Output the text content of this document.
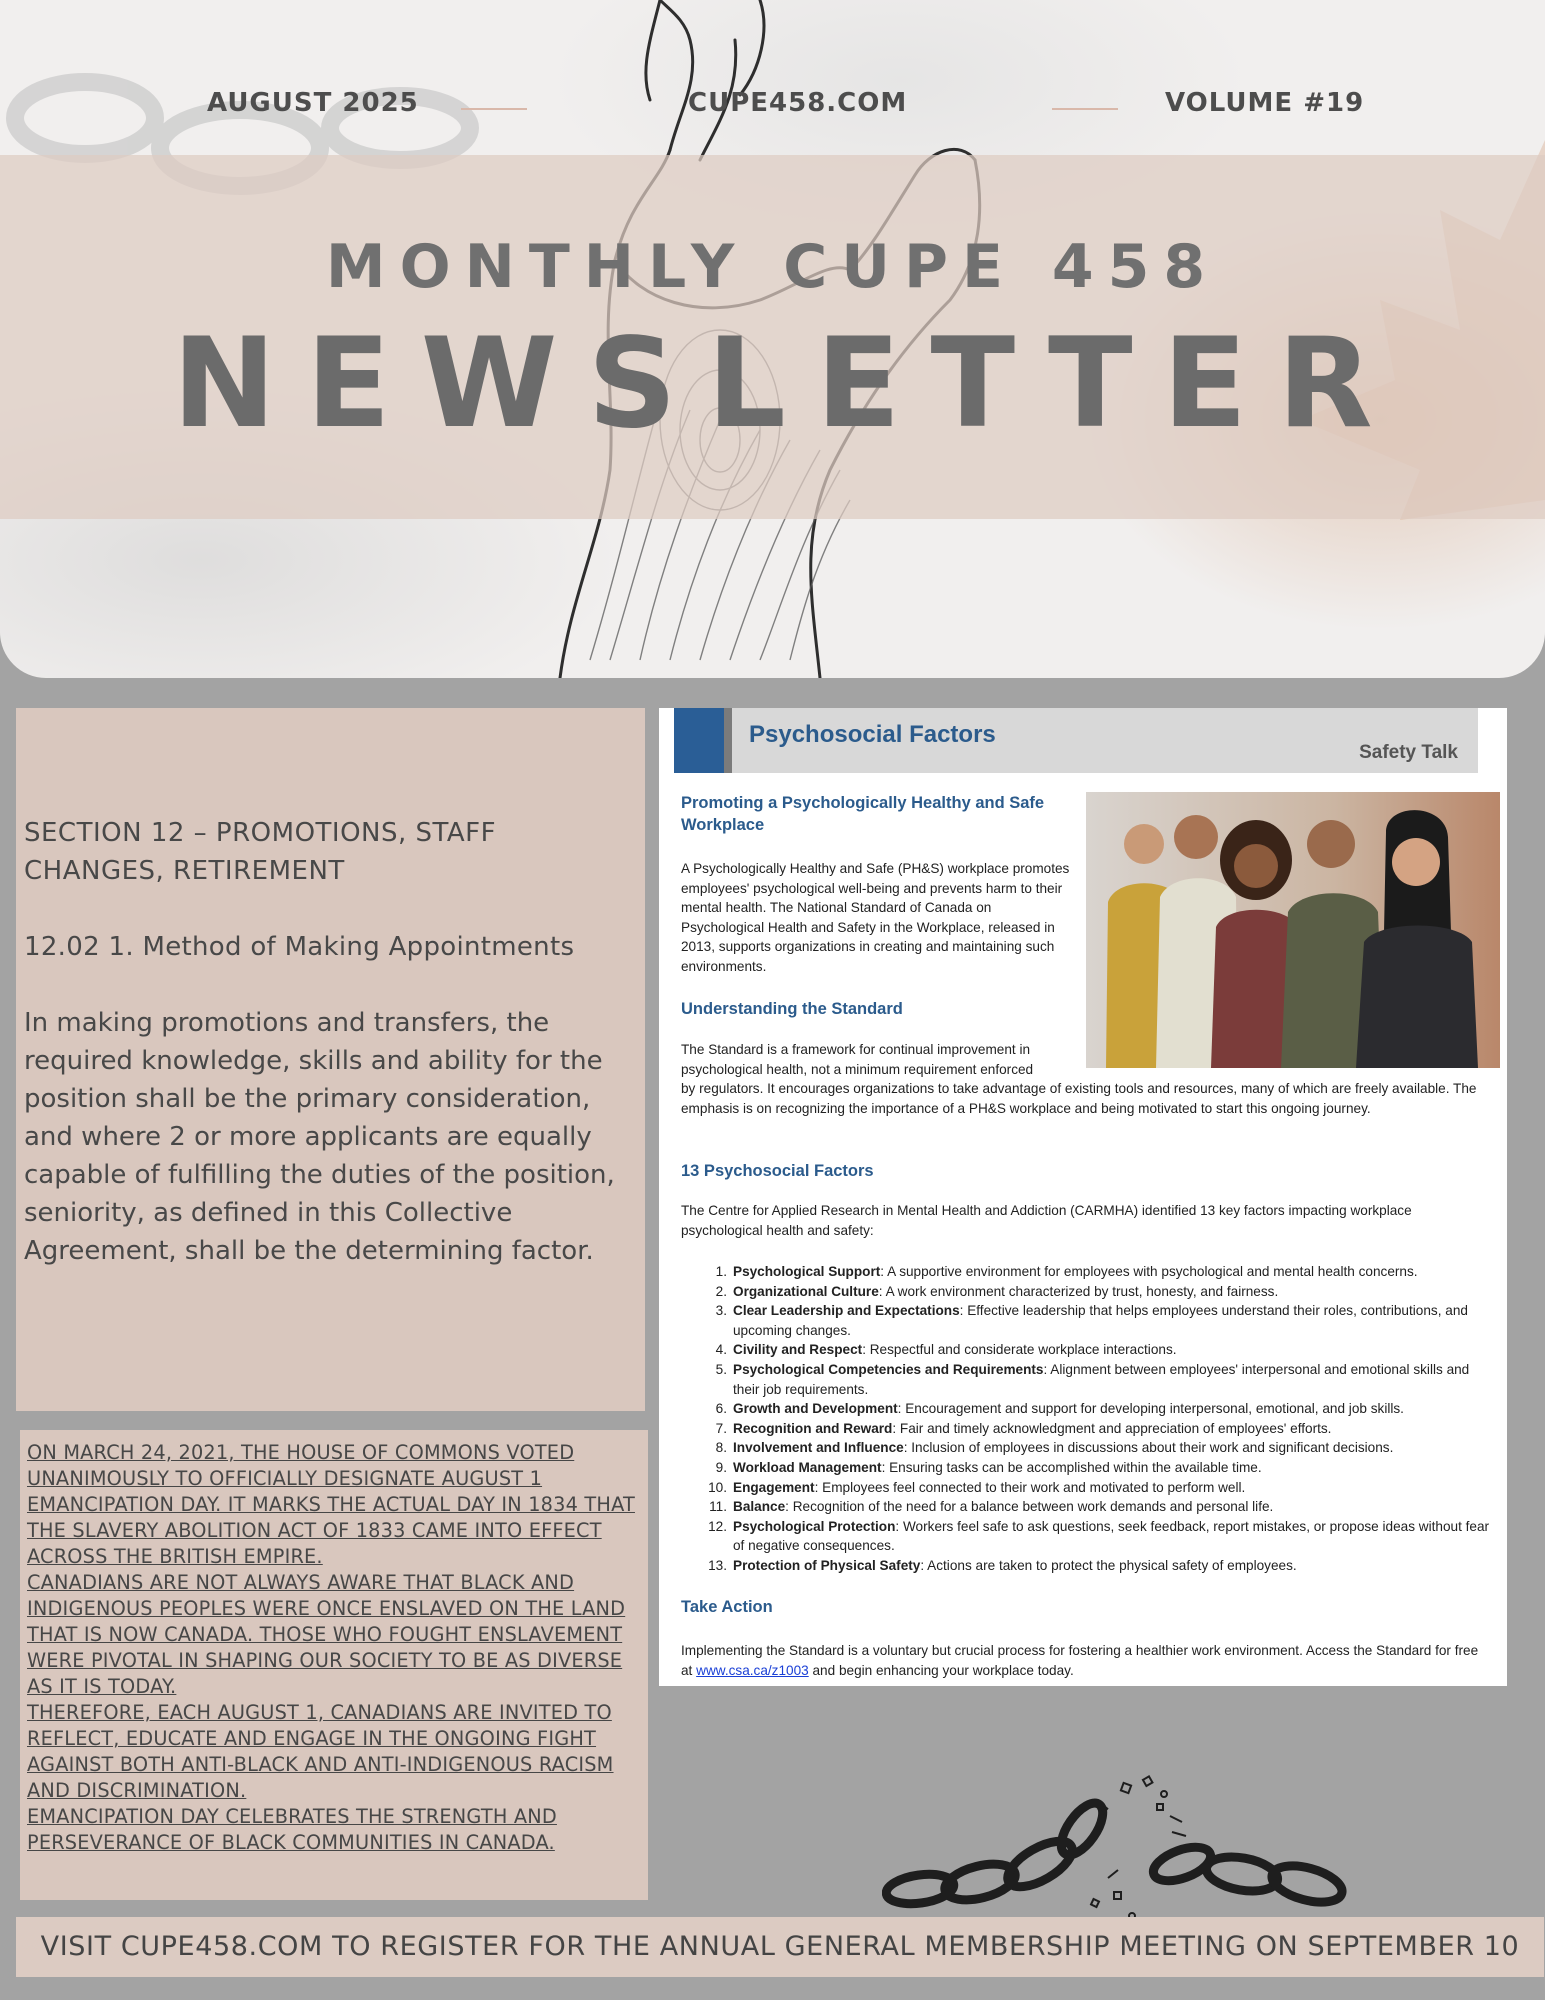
AUGUST 2025	CUPE458.COM	VOLUME #19
MONTHLY CUPE 458
NEWSLETTER
SECTION 12 – PROMOTIONS, STAFF CHANGES, RETIREMENT
12.02 1. Method of Making Appointments
In making promotions and transfers, the required knowledge, skills and ability for the position shall be the primary consideration, and where 2 or more applicants are equally capable of fulfilling the duties of the position, seniority, as defined in this Collective Agreement, shall be the determining factor.

ON MARCH 24, 2021, THE HOUSE OF COMMONS VOTED UNANIMOUSLY TO OFFICIALLY DESIGNATE AUGUST 1 EMANCIPATION DAY. IT MARKS THE ACTUAL DAY IN 1834 THAT THE SLAVERY ABOLITION ACT OF 1833 CAME INTO EFFECT ACROSS THE BRITISH EMPIRE.

CANADIANS ARE NOT ALWAYS AWARE THAT BLACK AND INDIGENOUS PEOPLES WERE ONCE ENSLAVED ON THE LAND THAT IS NOW CANADA. THOSE WHO FOUGHT ENSLAVEMENT WERE PIVOTAL IN SHAPING OUR SOCIETY TO BE AS DIVERSE AS IT IS TODAY.

THEREFORE, EACH AUGUST 1, CANADIANS ARE INVITED TO REFLECT, EDUCATE AND ENGAGE IN THE ONGOING FIGHT AGAINST BOTH ANTI-BLACK AND ANTI-INDIGENOUS RACISM AND DISCRIMINATION.

EMANCIPATION DAY CELEBRATES THE STRENGTH AND PERSEVERANCE OF BLACK COMMUNITIES IN CANADA.

Psychosocial Factors
Safety Talk
Promoting a Psychologically Healthy and Safe Workplace
A Psychologically Healthy and Safe (PH&S) workplace promotes employees' psychological well-being and prevents harm to their mental health. The National Standard of Canada on Psychological Health and Safety in the Workplace, released in 2013, supports organizations in creating and maintaining such environments.
Understanding the Standard
The Standard is a framework for continual improvement in psychological health, not a minimum requirement enforced
by regulators. It encourages organizations to take advantage of existing tools and resources, many of which are freely available. The emphasis is on recognizing the importance of a PH&S workplace and being motivated to start this ongoing journey.
13 Psychosocial Factors
The Centre for Applied Research in Mental Health and Addiction (CARMHA) identified 13 key factors impacting workplace psychological health and safety:
1. Psychological Support: A supportive environment for employees with psychological and mental health concerns.
2. Organizational Culture: A work environment characterized by trust, honesty, and fairness.
3. Clear Leadership and Expectations: Effective leadership that helps employees understand their roles, contributions, and upcoming changes.
4. Civility and Respect: Respectful and considerate workplace interactions.
5. Psychological Competencies and Requirements: Alignment between employees' interpersonal and emotional skills and their job requirements.
6. Growth and Development: Encouragement and support for developing interpersonal, emotional, and job skills.
7. Recognition and Reward: Fair and timely acknowledgment and appreciation of employees' efforts.
8. Involvement and Influence: Inclusion of employees in discussions about their work and significant decisions.
9. Workload Management: Ensuring tasks can be accomplished within the available time.
10. Engagement: Employees feel connected to their work and motivated to perform well.
11. Balance: Recognition of the need for a balance between work demands and personal life.
12. Psychological Protection: Workers feel safe to ask questions, seek feedback, report mistakes, or propose ideas without fear of negative consequences.
13. Protection of Physical Safety: Actions are taken to protect the physical safety of employees.
Take Action
Implementing the Standard is a voluntary but crucial process for fostering a healthier work environment. Access the Standard for free at www.csa.ca/z1003 and begin enhancing your workplace today.
VISIT CUPE458.COM TO REGISTER FOR THE ANNUAL GENERAL MEMBERSHIP MEETING ON SEPTEMBER 10
